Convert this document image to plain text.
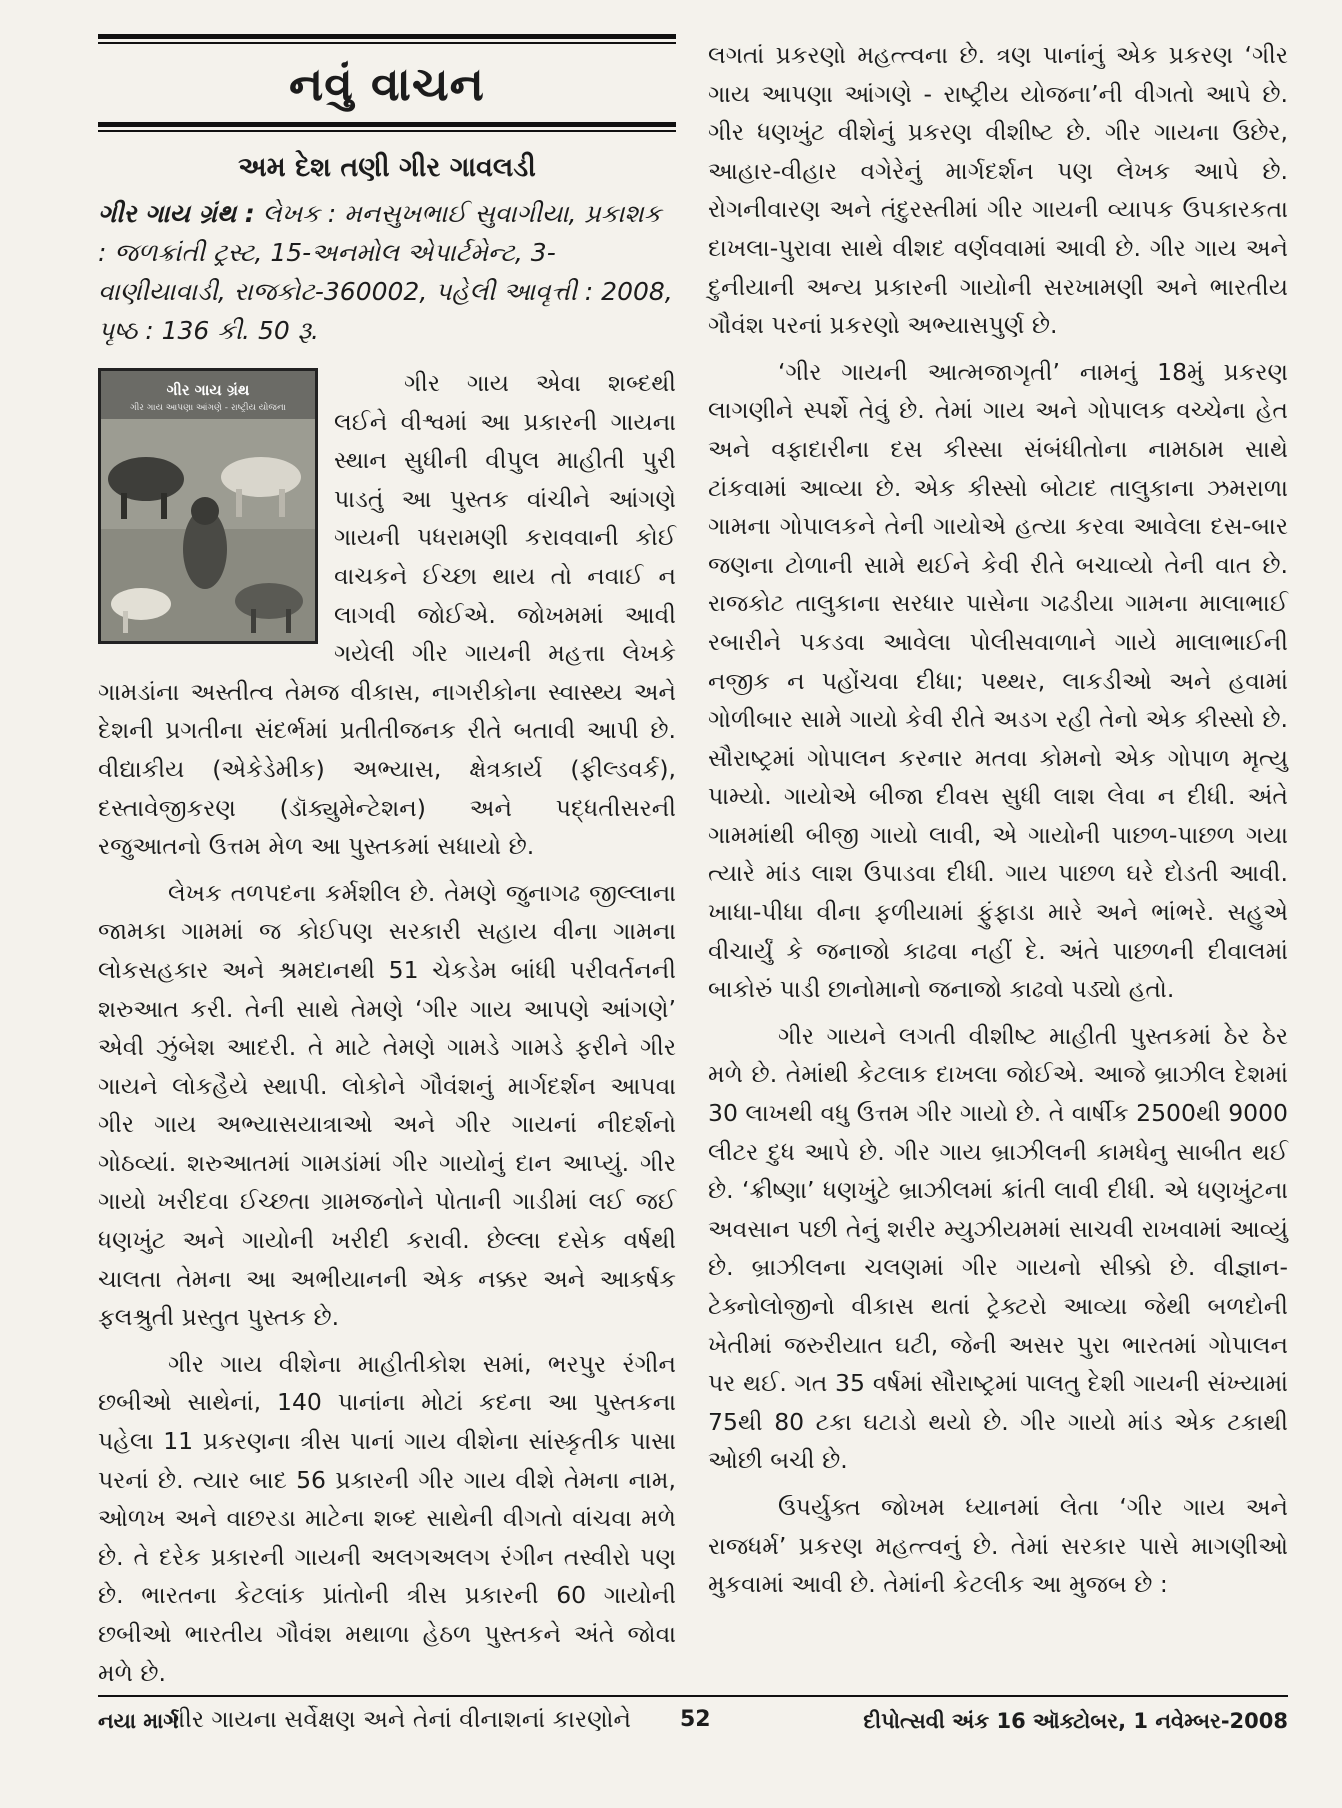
નવું વાચન
અમ દેશ તણી ગીર ગાવલડી

ગીર ગાય ગ્રંથ : લેખક : મનસુખભાઈ સુવાગીયા, પ્રકાશક : જળક્રાંતી ટ્રસ્ટ, 15-અનમોલ એપાર્ટમેન્ટ, 3-વાણીયાવાડી, રાજકોટ-360002, પહેલી આવૃત્તી : 2008, પૃષ્ઠ : 136 કી. 50 રૂ.

ગીર ગાય ગ્રંથ
ગીર ગાય આપણા આંગણે - રાષ્ટ્રીય યોજના

ગીર ગાય એવા શબ્દથી લઈને વીશ્વમાં આ પ્રકારની ગાયના સ્થાન સુધીની વીપુલ માહીતી પુરી પાડતું આ પુસ્તક વાંચીને આંગણે ગાયની પધરામણી કરાવવાની કોઈ વાચકને ઈચ્છા થાય તો નવાઈ ન લાગવી જોઈએ. જોખમમાં આવી ગયેલી ગીર ગાયની મહત્તા લેખકે ગામડાંના અસ્તીત્વ તેમજ વીકાસ, નાગરીકોના સ્વાસ્થ્ય અને દેશની પ્રગતીના સંદર્ભમાં પ્રતીતીજનક રીતે બતાવી આપી છે. વીદ્યાકીય (એકેડેમીક) અભ્યાસ, ક્ષેત્રકાર્ય (ફીલ્ડવર્ક), દસ્તાવેજીકરણ (ડૉક્યુમેન્ટેશન) અને પદ્ધતીસરની રજુઆતનો ઉત્તમ મેળ આ પુસ્તકમાં સધાયો છે.

લેખક તળપદના કર્મશીલ છે. તેમણે જુનાગઢ જીલ્લાના જામકા ગામમાં જ કોઈપણ સરકારી સહાય વીના ગામના લોકસહકાર અને શ્રમદાનથી 51 ચેકડેમ બાંધી પરીવર્તનની શરુઆત કરી. તેની સાથે તેમણે ‘ગીર ગાય આપણે આંગણે’ એવી ઝુંબેશ આદરી. તે માટે તેમણે ગામડે ગામડે ફરીને ગીર ગાયને લોકહૈયે સ્થાપી. લોકોને ગૌવંશનું માર્ગદર્શન આપવા ગીર ગાય અભ્યાસયાત્રાઓ અને ગીર ગાયનાં નીદર્શનો ગોઠવ્યાં. શરુઆતમાં ગામડાંમાં ગીર ગાયોનું દાન આપ્યું. ગીર ગાયો ખરીદવા ઈચ્છતા ગ્રામજનોને પોતાની ગાડીમાં લઈ જઈ ધણખુંટ અને ગાયોની ખરીદી કરાવી. છેલ્લા દસેક વર્ષથી ચાલતા તેમના આ અભીયાનની એક નક્કર અને આકર્ષક ફલશ્રુતી પ્રસ્તુત પુસ્તક છે.

ગીર ગાય વીશેના માહીતીકોશ સમાં, ભરપુર રંગીન છબીઓ સાથેનાં, 140 પાનાંના મોટાં કદના આ પુસ્તકના પહેલા 11 પ્રકરણના ત્રીસ પાનાં ગાય વીશેના સાંસ્કૃતીક પાસા પરનાં છે. ત્યાર બાદ 56 પ્રકારની ગીર ગાય વીશે તેમના નામ, ઓળખ અને વાછરડા માટેના શબ્દ સાથેની વીગતો વાંચવા મળે છે. તે દરેક પ્રકારની ગાયની અલગઅલગ રંગીન તસ્વીરો પણ છે. ભારતના કેટલાંક પ્રાંતોની ત્રીસ પ્રકારની 60 ગાયોની છબીઓ ભારતીય ગૌવંશ મથાળા હેઠળ પુસ્તકને અંતે જોવા મળે છે.

ગીર ગાયના સર્વેક્ષણ અને તેનાં વીનાશનાં કારણોને

લગતાં પ્રકરણો મહત્ત્વના છે. ત્રણ પાનાંનું એક પ્રકરણ ‘ગીર ગાય આપણા આંગણે - રાષ્ટ્રીય યોજના’ની વીગતો આપે છે. ગીર ધણખુંટ વીશેનું પ્રકરણ વીશીષ્ટ છે. ગીર ગાયના ઉછેર, આહાર-વીહાર વગેરેનું માર્ગદર્શન પણ લેખક આપે છે. રોગનીવારણ અને તંદુરસ્તીમાં ગીર ગાયની વ્યાપક ઉપકારકતા દાખલા-પુરાવા સાથે વીશદ વર્ણવવામાં આવી છે. ગીર ગાય અને દુનીયાની અન્ય પ્રકારની ગાયોની સરખામણી અને ભારતીય ગૌવંશ પરનાં પ્રકરણો અભ્યાસપુર્ણ છે.

‘ગીર ગાયની આત્મજાગૃતી’ નામનું 18મું પ્રકરણ લાગણીને સ્પર્શે તેવું છે. તેમાં ગાય અને ગોપાલક વચ્ચેના હેત અને વફાદારીના દસ કીસ્સા સંબંધીતોના નામઠામ સાથે ટાંકવામાં આવ્યા છે. એક કીસ્સો બોટાદ તાલુકાના ઝમરાળા ગામના ગોપાલકને તેની ગાયોએ હત્યા કરવા આવેલા દસ-બાર જણના ટોળાની સામે થઈને કેવી રીતે બચાવ્યો તેની વાત છે. રાજકોટ તાલુકાના સરધાર પાસેના ગઢડીયા ગામના માલાભાઈ રબારીને પકડવા આવેલા પોલીસવાળાને ગાયે માલાભાઈની નજીક ન પહોંચવા દીધા; પથ્થર, લાકડીઓ અને હવામાં ગોળીબાર સામે ગાયો કેવી રીતે અડગ રહી તેનો એક કીસ્સો છે. સૌરાષ્ટ્રમાં ગોપાલન કરનાર મતવા કોમનો એક ગોપાળ મૃત્યુ પામ્યો. ગાયોએ બીજા દીવસ સુધી લાશ લેવા ન દીધી. અંતે ગામમાંથી બીજી ગાયો લાવી, એ ગાયોની પાછળ-પાછળ ગયા ત્યારે માંડ લાશ ઉપાડવા દીધી. ગાય પાછળ ઘરે દોડતી આવી. ખાધા-પીધા વીના ફળીયામાં ફુંફાડા મારે અને ભાંભરે. સહુએ વીચાર્યું કે જનાજો કાઢવા નહીં દે. અંતે પાછળની દીવાલમાં બાકોરું પાડી છાનોમાનો જનાજો કાઢવો પડ્યો હતો.

ગીર ગાયને લગતી વીશીષ્ટ માહીતી પુસ્તકમાં ઠેર ઠેર મળે છે. તેમાંથી કેટલાક દાખલા જોઈએ. આજે બ્રાઝીલ દેશમાં 30 લાખથી વધુ ઉત્તમ ગીર ગાયો છે. તે વાર્ષીક 2500થી 9000 લીટર દુધ આપે છે. ગીર ગાય બ્રાઝીલની કામધેનુ સાબીત થઈ છે. ‘ક્રીષ્ણા’ ધણખુંટે બ્રાઝીલમાં ક્રાંતી લાવી દીધી. એ ધણખુંટના અવસાન પછી તેનું શરીર મ્યુઝીયમમાં સાચવી રાખવામાં આવ્યું છે. બ્રાઝીલના ચલણમાં ગીર ગાયનો સીક્કો છે. વીજ્ઞાન-ટેક્નોલોજીનો વીકાસ થતાં ટ્રેક્ટરો આવ્યા જેથી બળદોની ખેતીમાં જરુરીયાત ઘટી, જેની અસર પુરા ભારતમાં ગોપાલન પર થઈ. ગત 35 વર્ષમાં સૌરાષ્ટ્રમાં પાલતુ દેશી ગાયની સંખ્યામાં 75થી 80 ટકા ઘટાડો થયો છે. ગીર ગાયો માંડ એક ટકાથી ઓછી બચી છે.

ઉપર્યુક્ત જોખમ ધ્યાનમાં લેતા ‘ગીર ગાય અને રાજધર્મ’ પ્રકરણ મહત્ત્વનું છે. તેમાં સરકાર પાસે માગણીઓ મુકવામાં આવી છે. તેમાંની કેટલીક આ મુજબ છે :

નયા માર્ગ	52	દીપોત્સવી અંક 16 ઑક્ટોબર, 1 નવેમ્બર-2008
